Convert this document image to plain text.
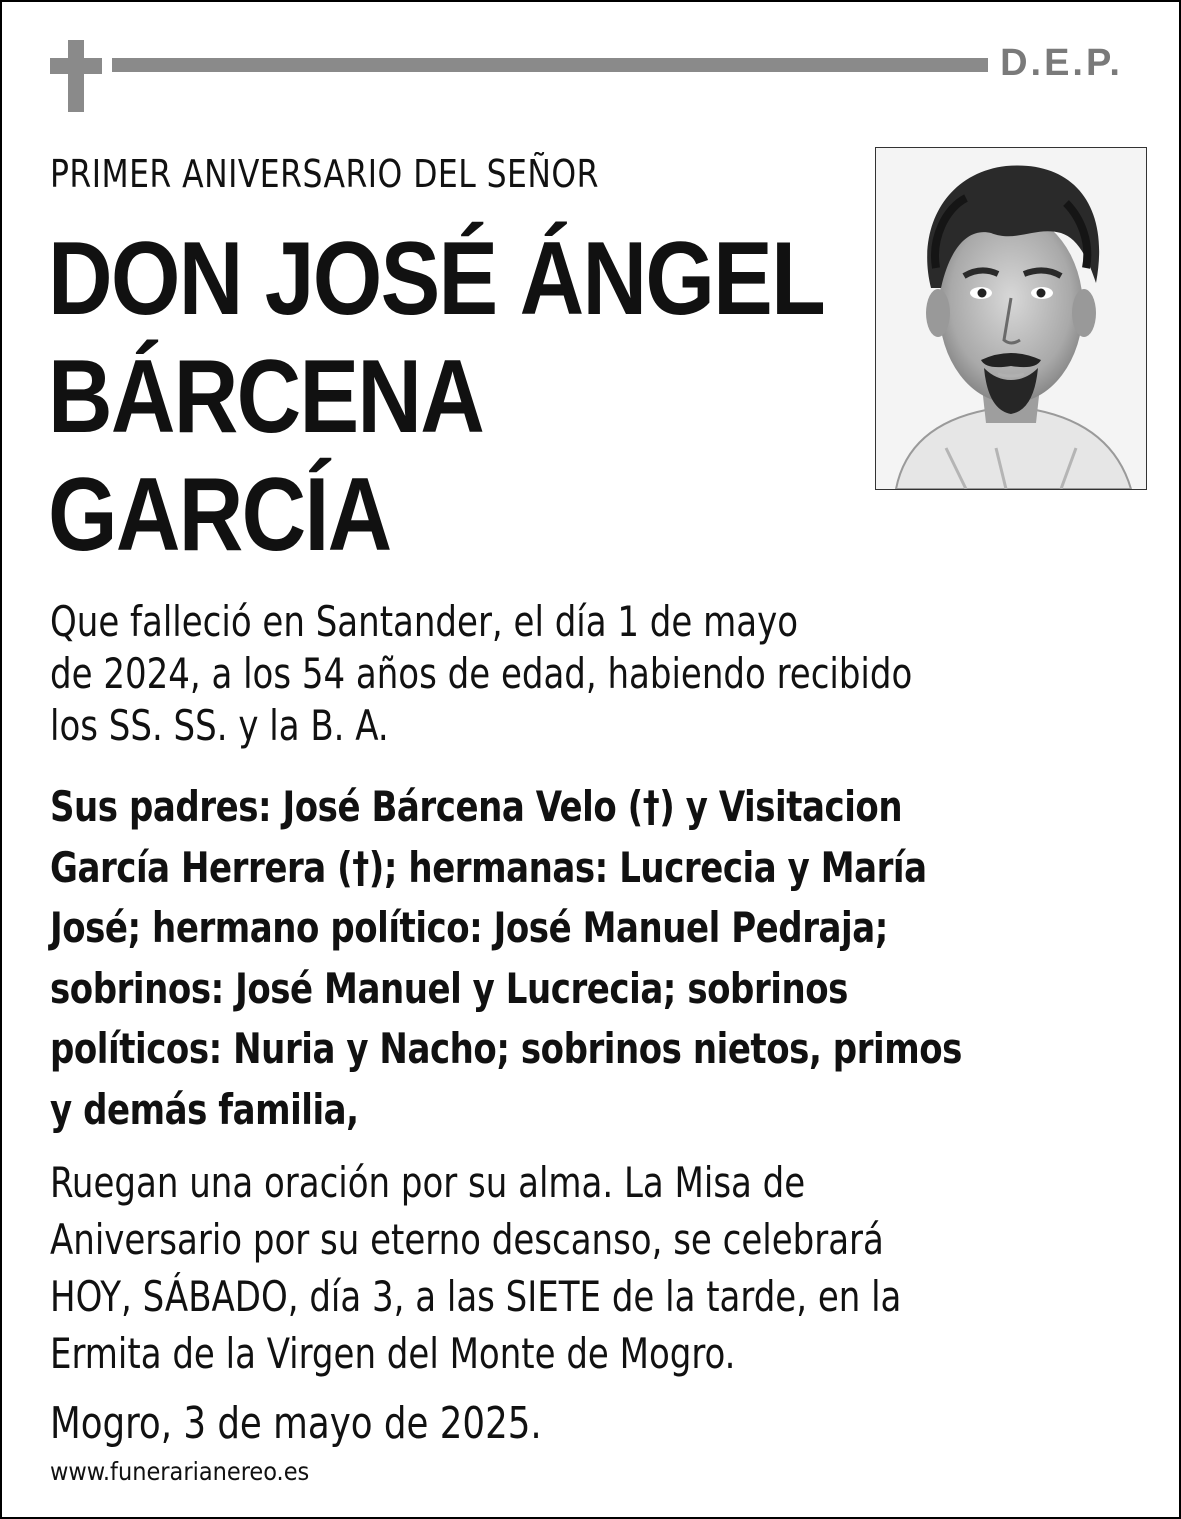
D.E.P.
PRIMER ANIVERSARIO DEL SEÑOR
DON JOSÉ ÁNGEL
BÁRCENA
GARCÍA
Que falleció en Santander, el día 1 de mayo
de 2024, a los 54 años de edad, habiendo recibido
los SS. SS. y la B. A.
Sus padres: José Bárcena Velo (†) y Visitacion
García Herrera (†); hermanas: Lucrecia y María
José; hermano político: José Manuel Pedraja;
sobrinos: José Manuel y Lucrecia; sobrinos
políticos: Nuria y Nacho; sobrinos nietos, primos
y demás familia,
Ruegan una oración por su alma. La Misa de
Aniversario por su eterno descanso, se celebrará
HOY, SÁBADO, día 3, a las SIETE de la tarde, en la
Ermita de la Virgen del Monte de Mogro.
Mogro, 3 de mayo de 2025.
www.funerarianereo.es
